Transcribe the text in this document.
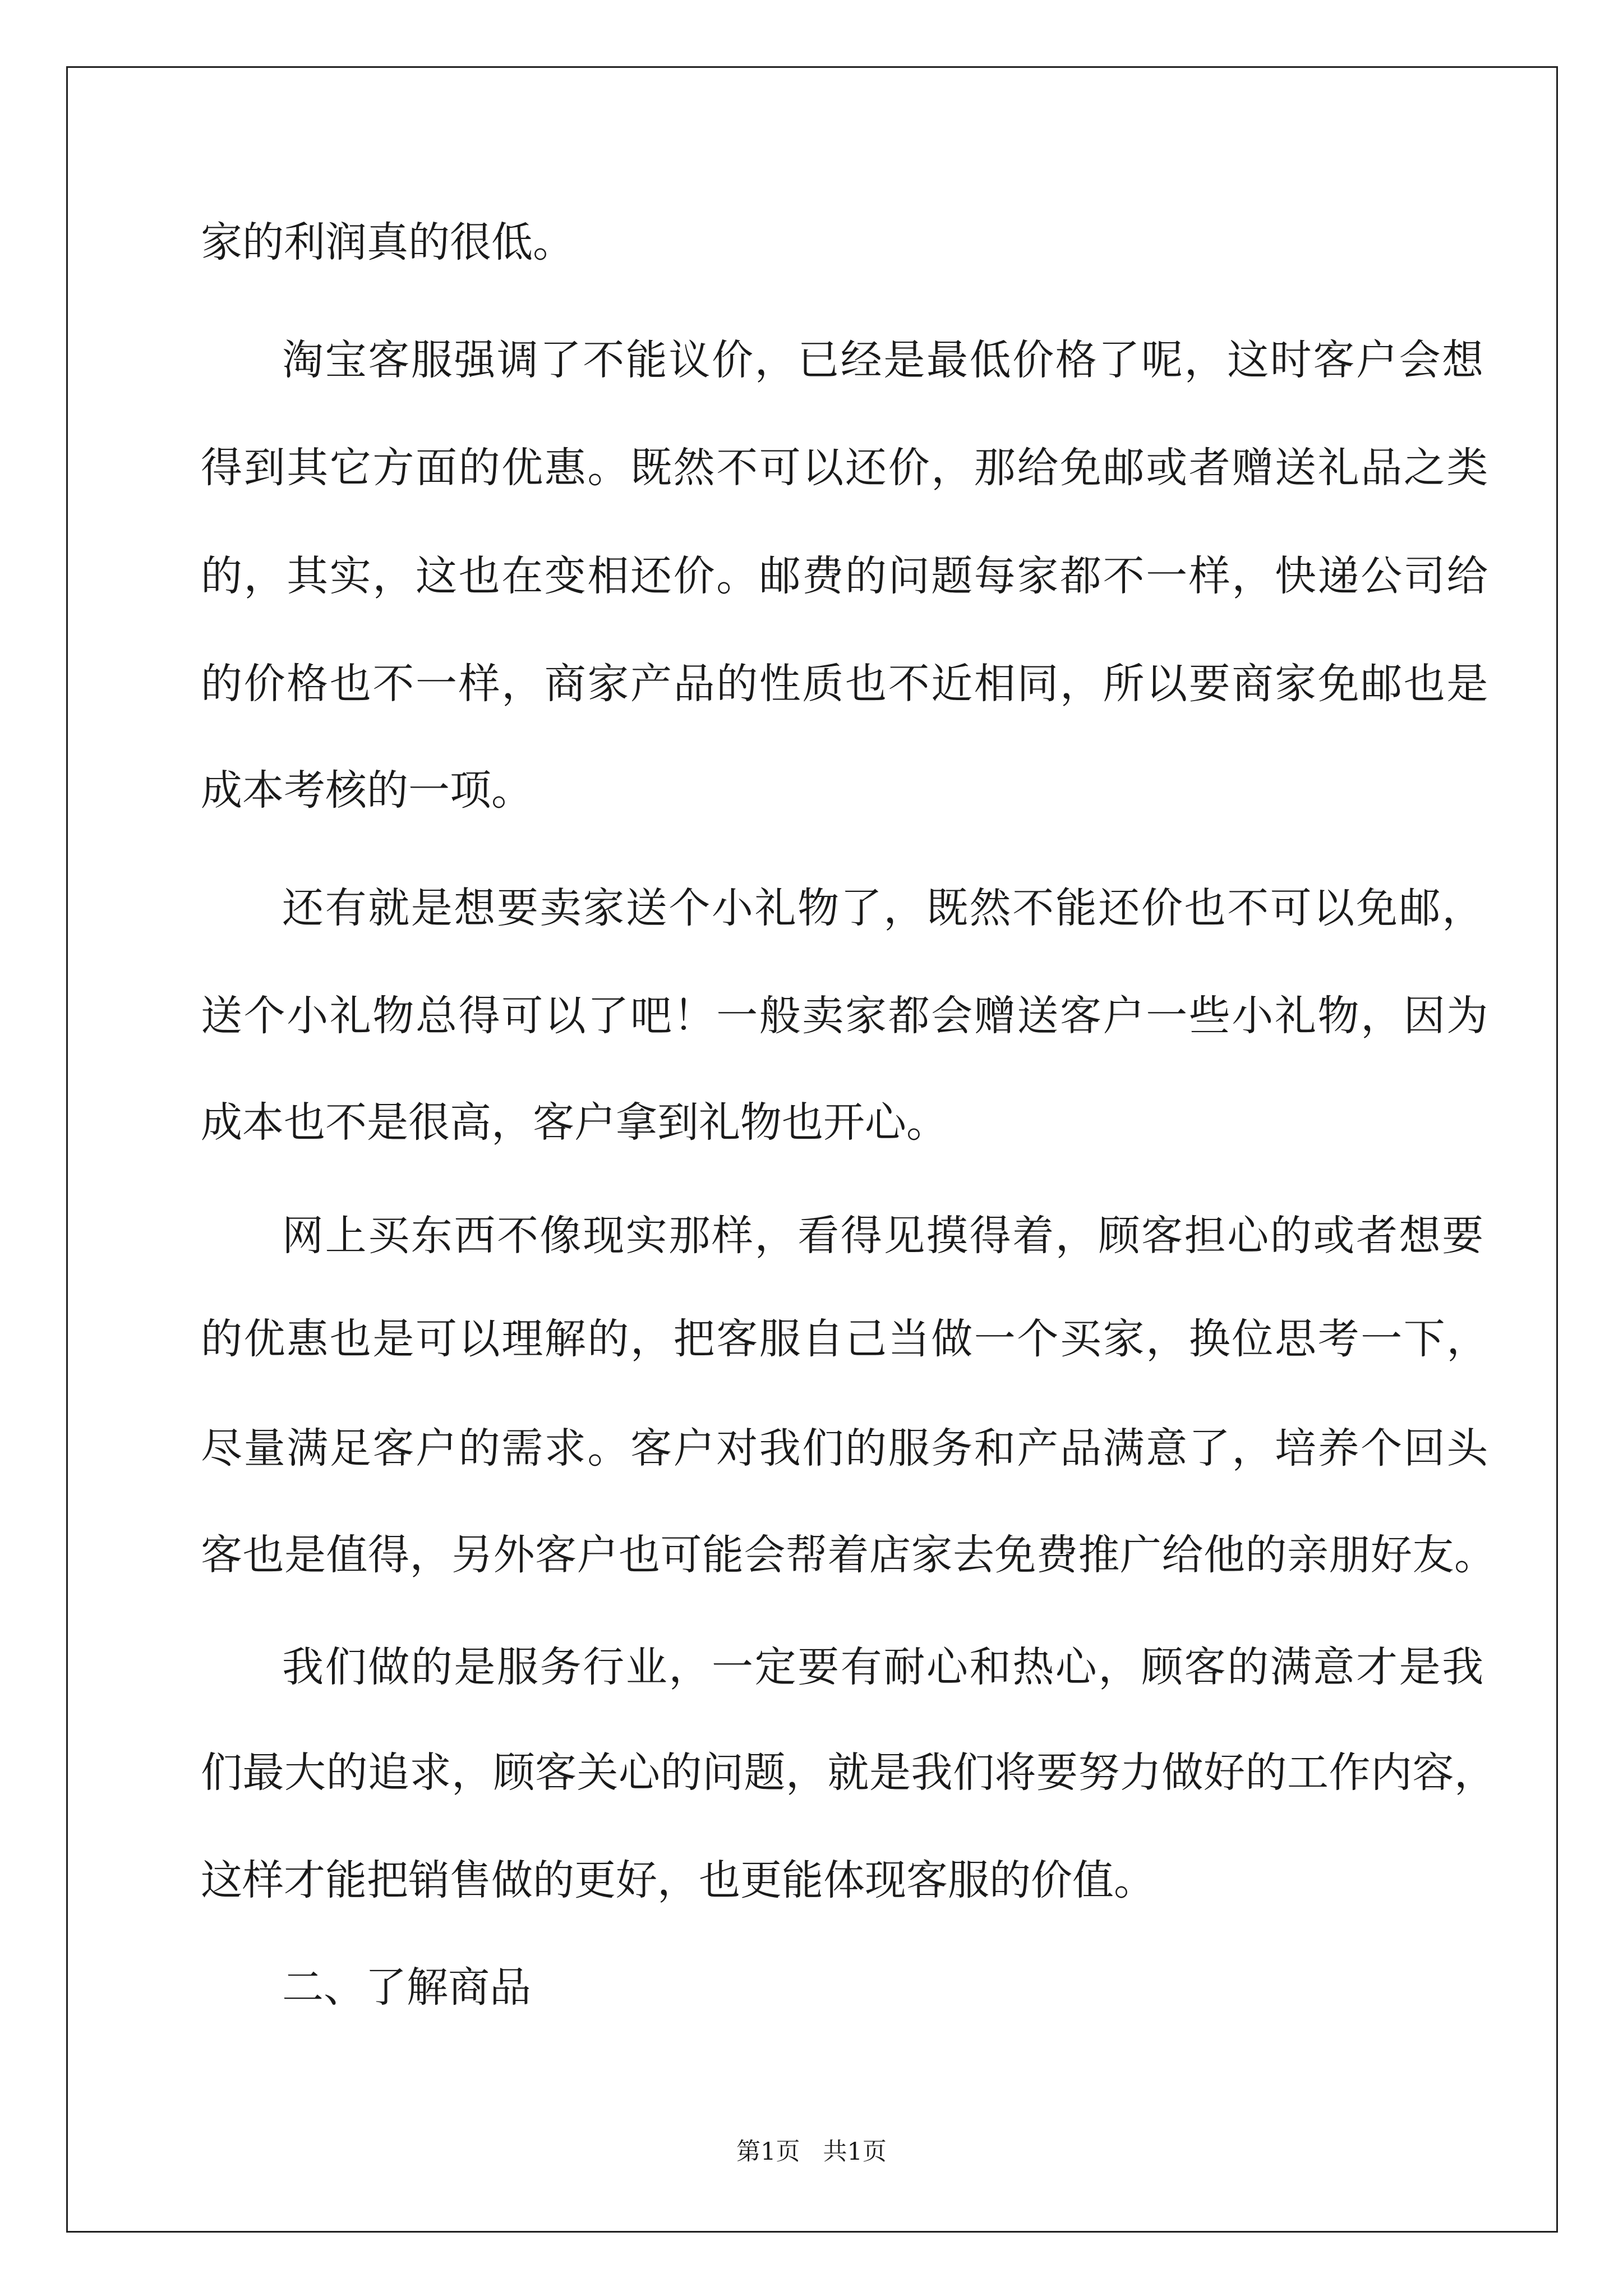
家的利润真的很低。
淘宝客服强调了不能议价，已经是最低价格了呢，这时客户会想
得到其它方面的优惠。既然不可以还价，那给免邮或者赠送礼品之类
的，其实，这也在变相还价。邮费的问题每家都不一样，快递公司给
的价格也不一样，商家产品的性质也不近相同，所以要商家免邮也是
成本考核的一项。
还有就是想要卖家送个小礼物了，既然不能还价也不可以免邮，
送个小礼物总得可以了吧！一般卖家都会赠送客户一些小礼物，因为
成本也不是很高，客户拿到礼物也开心。
网上买东西不像现实那样，看得见摸得着，顾客担心的或者想要
的优惠也是可以理解的，把客服自己当做一个买家，换位思考一下，
尽量满足客户的需求。客户对我们的服务和产品满意了，培养个回头
客也是值得，另外客户也可能会帮着店家去免费推广给他的亲朋好友。
我们做的是服务行业，一定要有耐心和热心，顾客的满意才是我
们最大的追求，顾客关心的问题，就是我们将要努力做好的工作内容，
这样才能把销售做的更好，也更能体现客服的价值。
二、了解商品
第1页 共1页
